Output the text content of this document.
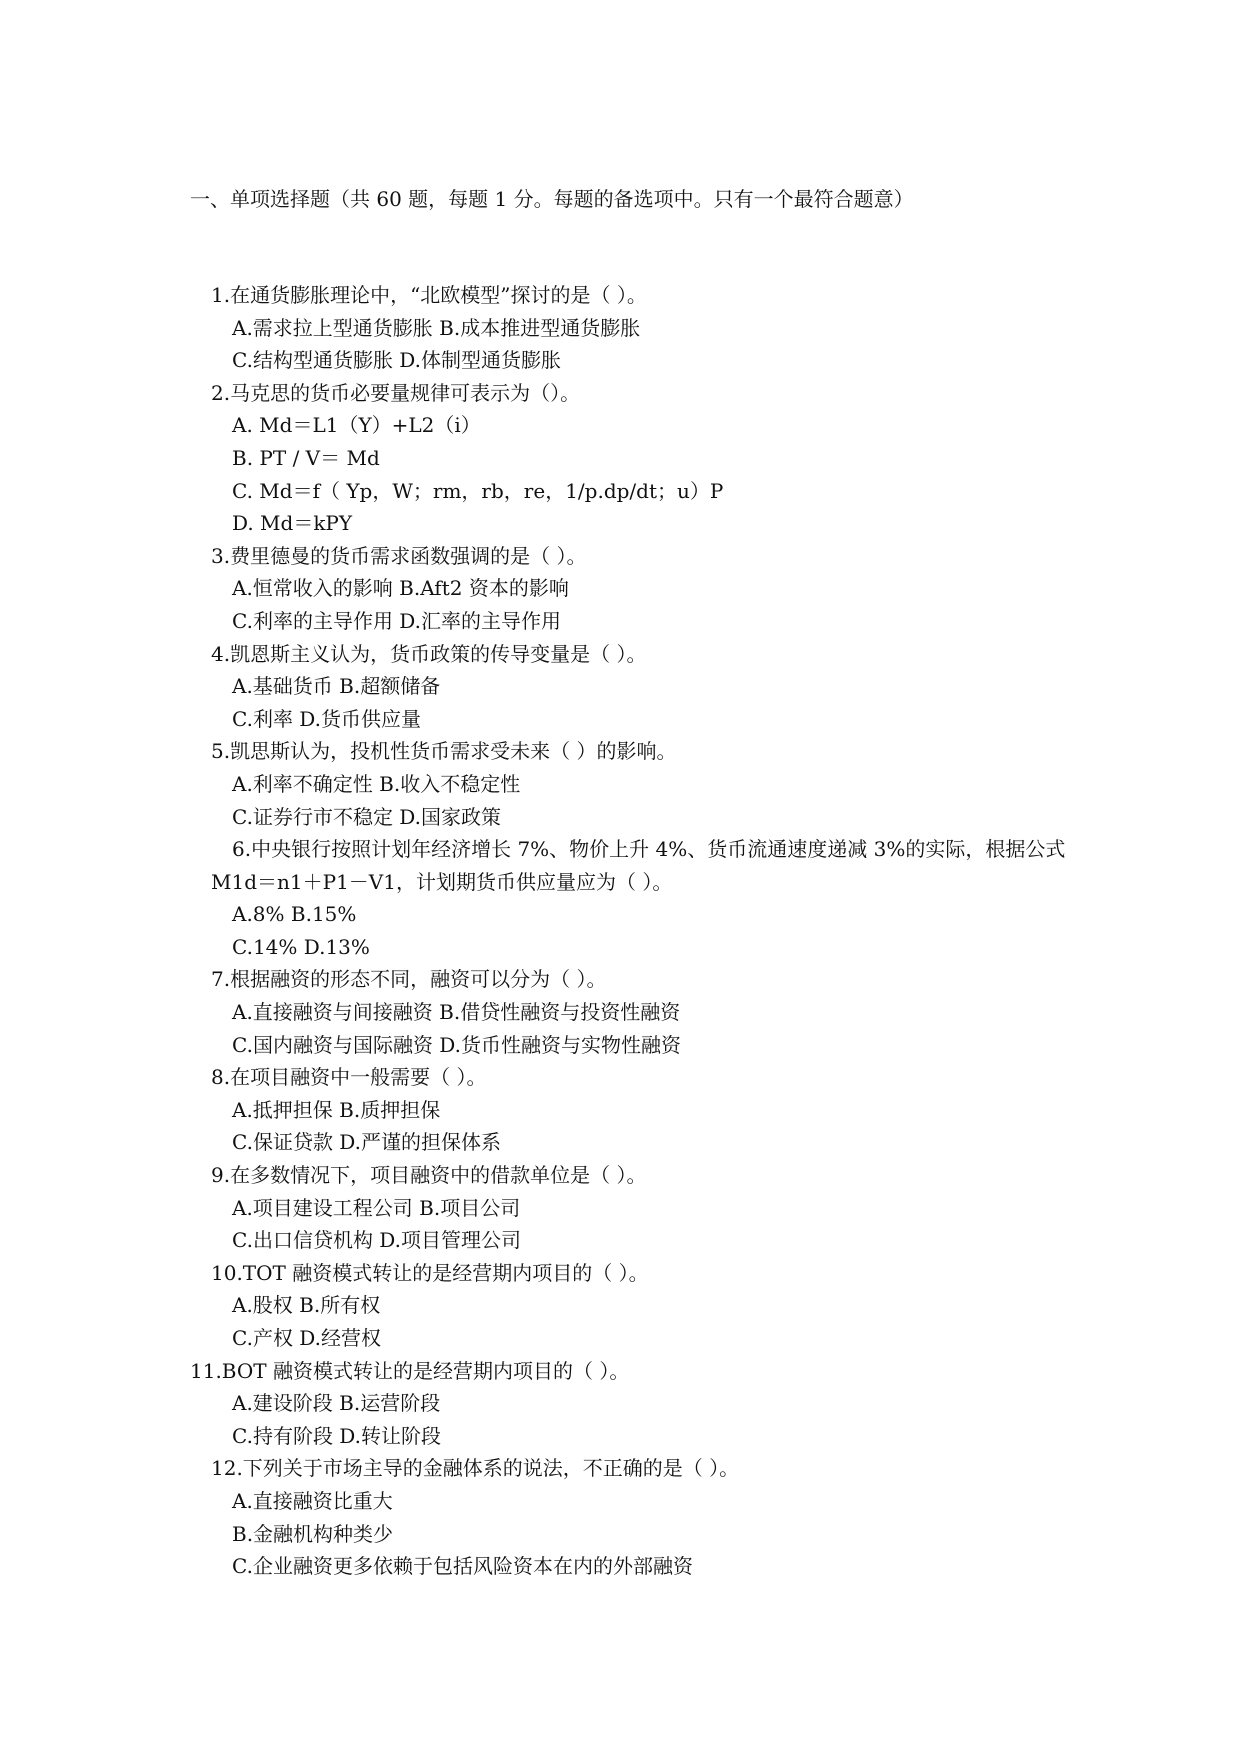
一、单项选择题（共 60 题，每题 1 分。每题的备选项中。只有一个最符合题意）
1.在通货膨胀理论中，“北欧模型”探讨的是（ ）。
A.需求拉上型通货膨胀 B.成本推进型通货膨胀
C.结构型通货膨胀 D.体制型通货膨胀
2.马克思的货币必要量规律可表示为（）。
A. Md＝L1（Y）+L2（i）
B. PT / V＝ Md
C. Md＝f（ Yp，W；rm，rb，re，1/p.dp/dt；u）P
D. Md＝kPY
3.费里德曼的货币需求函数强调的是（ ）。
A.恒常收入的影响 B.Aft2 资本的影响
C.利率的主导作用 D.汇率的主导作用
4.凯恩斯主义认为，货币政策的传导变量是（ ）。
A.基础货币 B.超额储备
C.利率 D.货币供应量
5.凯思斯认为，投机性货币需求受未来（ ）的影响。
A.利率不确定性 B.收入不稳定性
C.证券行市不稳定 D.国家政策
6.中央银行按照计划年经济增长 7%、物价上升 4%、货币流通速度递减 3%的实际，根据公式 M1d＝n1＋P1－V1，计划期货币供应量应为（ ）。
A.8% B.15%
C.14% D.13%
7.根据融资的形态不同，融资可以分为（ ）。
A.直接融资与间接融资 B.借贷性融资与投资性融资
C.国内融资与国际融资 D.货币性融资与实物性融资
8.在项目融资中一般需要（ ）。
A.抵押担保 B.质押担保
C.保证贷款 D.严谨的担保体系
9.在多数情况下，项目融资中的借款单位是（ ）。
A.项目建设工程公司 B.项目公司
C.出口信贷机构 D.项目管理公司
10.TOT 融资模式转让的是经营期内项目的（ ）。
A.股权 B.所有权
C.产权 D.经营权
11.BOT 融资模式转让的是经营期内项目的（ ）。
A.建设阶段 B.运营阶段
C.持有阶段 D.转让阶段
12.下列关于市场主导的金融体系的说法，不正确的是（ ）。
A.直接融资比重大
B.金融机构种类少
C.企业融资更多依赖于包括风险资本在内的外部融资
